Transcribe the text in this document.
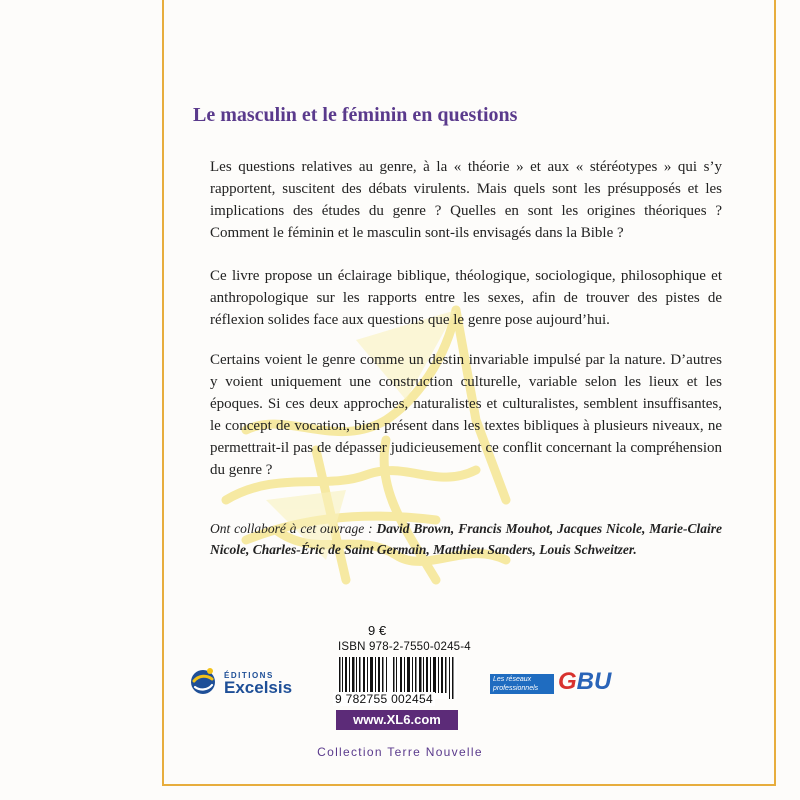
Le masculin et le féminin en questions
Les questions relatives au genre, à la « théorie » et aux « stéréotypes » qui s’y rapportent, suscitent des débats virulents. Mais quels sont les présupposés et les implications des études du genre ? Quelles en sont les origines théoriques ? Comment le féminin et le masculin sont-ils envisagés dans la Bible ?
Ce livre propose un éclairage biblique, théologique, sociologique, philosophique et anthropologique sur les rapports entre les sexes, afin de trouver des pistes de réflexion solides face aux questions que le genre pose aujourd’hui.
Certains voient le genre comme un destin invariable impulsé par la nature. D’autres y voient uniquement une construction culturelle, variable selon les lieux et les époques. Si ces deux approches, naturalistes et culturalistes, semblent insuffisantes, le concept de vocation, bien présent dans les textes bibliques à plusieurs niveaux, ne permettrait-il pas de dépasser judicieusement ce conflit concernant la compréhension du genre ?
Ont collaboré à cet ouvrage : David Brown, Francis Mouhot, Jacques Nicole, Marie-Claire Nicole, Charles-Éric de Saint Germain, Matthieu Sanders, Louis Schweitzer.
9 €
ISBN 978-2-7550-0245-4
9 782755 002454
www.XL6.com
ÉDITIONS
Excelsis	Les réseaux professionnels GBU
Collection Terre Nouvelle
